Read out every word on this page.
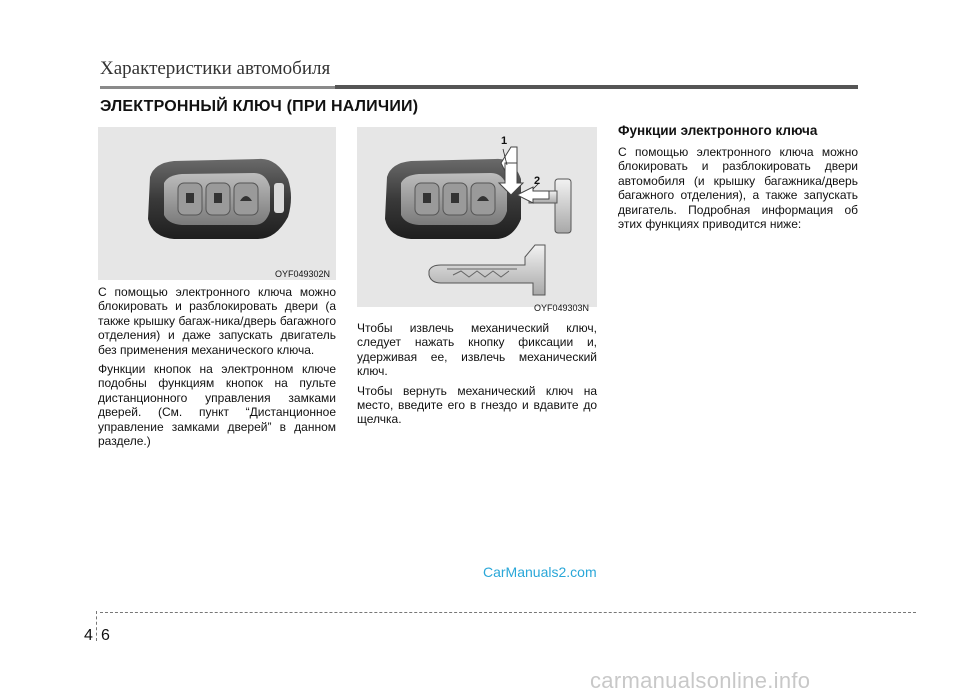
Характеристики автомобиля
ЭЛЕКТРОННЫЙ КЛЮЧ (ПРИ НАЛИЧИИ)
OYF049302N
1
2
OYF049303N

С помощью электронного ключа можно блокировать и разблокировать двери (а также крышку багаж-ника/дверь багажного отделения) и даже запускать двигатель без применения механического ключа.

Функции кнопок на электронном ключе подобны функциям кнопок на пульте дистанционного управления замками дверей. (См. пункт “Дистанционное управление замками дверей” в данном разделе.)

Чтобы извлечь механический ключ, следует нажать кнопку фиксации и, удерживая ее, извлечь механический ключ.

Чтобы вернуть механический ключ на место, введите его в гнездо и вдавите до щелчка.

Функции электронного ключа

С помощью электронного ключа можно блокировать и разблокировать двери автомобиля (и крышку багажника/дверь багажного отделения), а также запускать двигатель. Подробная информация об этих функциях приводится ниже:

CarManuals2.com
4 6
carmanualsonline.info
